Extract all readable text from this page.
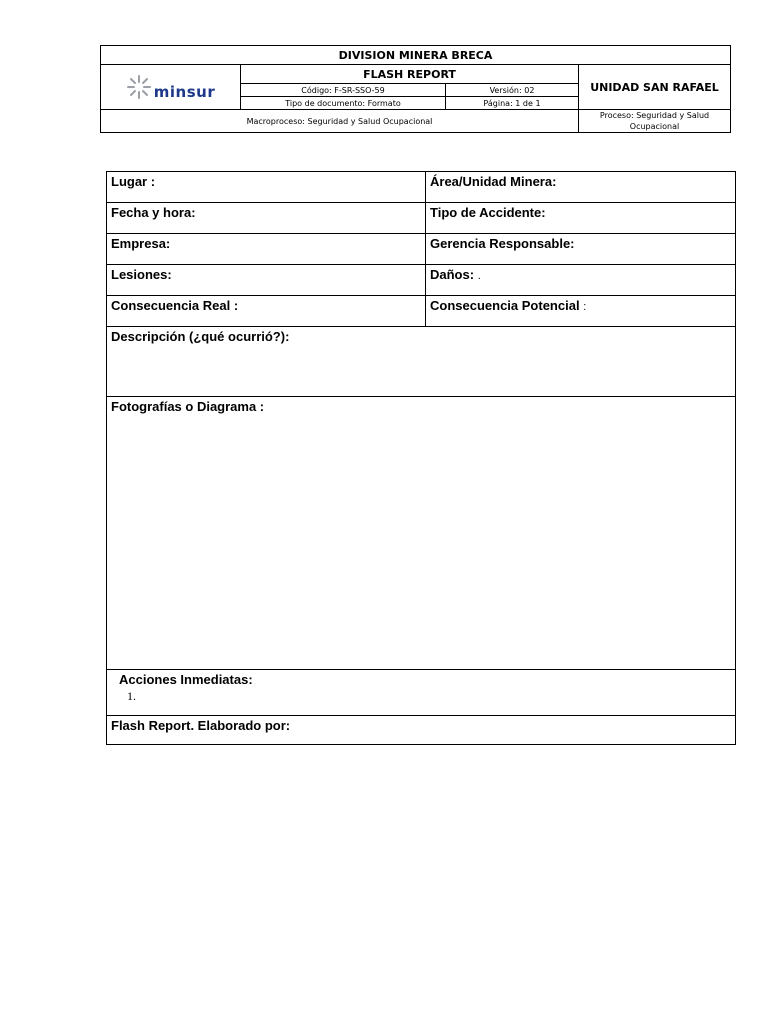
DIVISION MINERA BRECA			

minsur	FLASH REPORT		UNIDAD SAN RAFAEL
	Código: F-SR-SSO-59	Versión: 02	
	Tipo de documento: Formato	Página: 1 de 1	
Macroproceso: Seguridad y Salud Ocupacional			Proceso: Seguridad y Salud Ocupacional
Lugar :	Área/Unidad Minera:
Fecha y hora:	Tipo de Accidente:
Empresa:	Gerencia Responsable:
Lesiones:	Daños: .
Consecuencia Real :	Consecuencia Potencial :
Descripción (¿qué ocurrió?):	
Fotografías o Diagrama :	

Acciones Inmediatas:
1.	

Flash Report. Elaborado por:	
